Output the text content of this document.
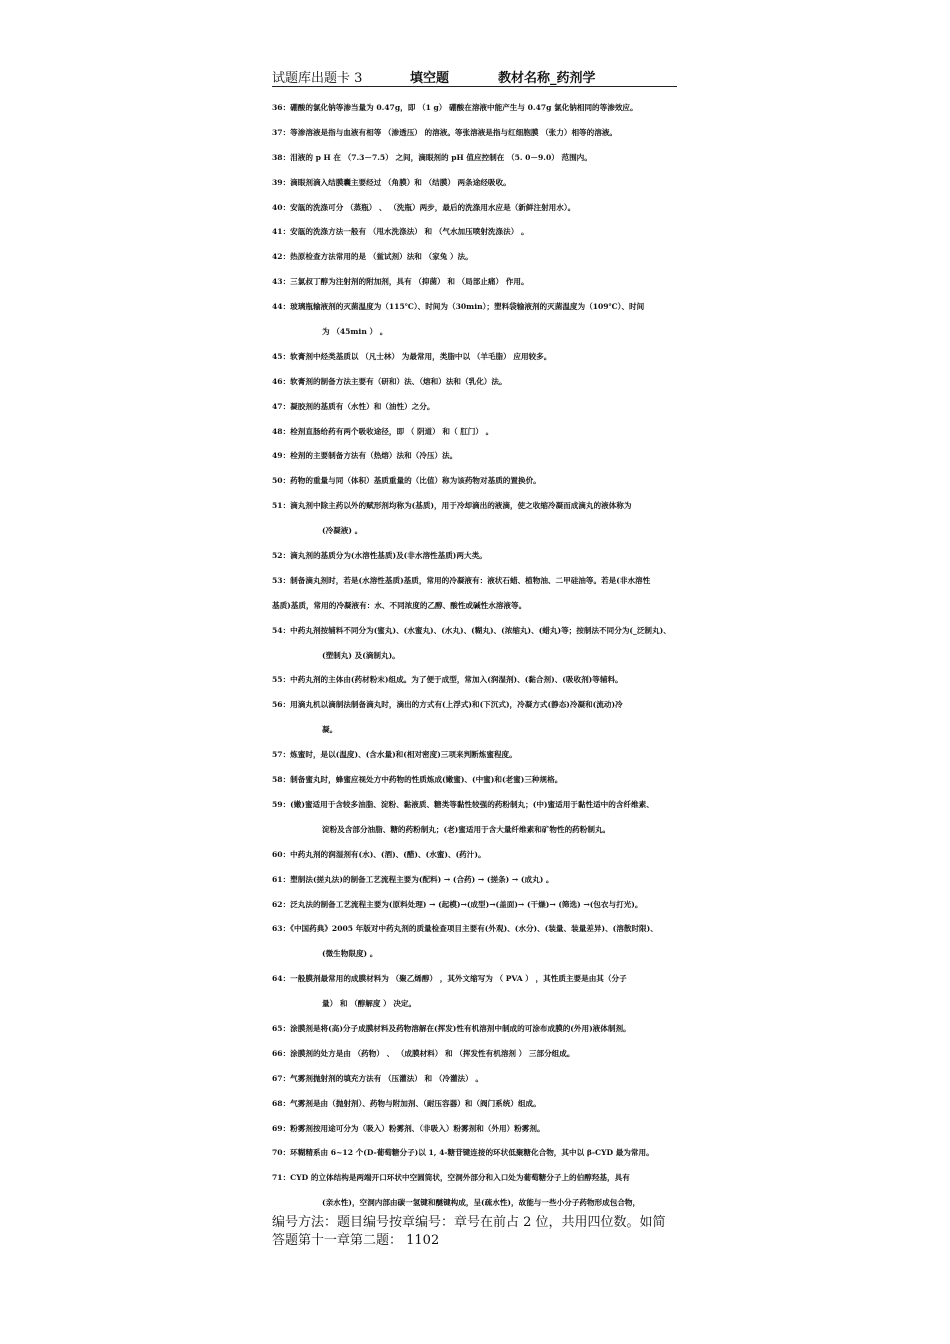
试题库出题卡 3	填空题	教材名称_药剂学
36：硼酸的氯化钠等渗当量为 0.47g，即 （1 g） 硼酸在溶液中能产生与 0.47g 氯化钠相同的等渗效应。
37：等渗溶液是指与血液有相等 （渗透压） 的溶液。等张溶液是指与红细胞膜 （张力）相等的溶液。
38：泪液的 p H 在 （7.3－7.5） 之间，滴眼剂的 pH 值应控制在 （5. 0－9.0） 范围内。
39：滴眼剂滴入结膜囊主要经过 （角膜）和 （结膜） 两条途经吸收。
40：安瓿的洗涤可分 （蒸瓶） 、 （洗瓶）两步，最后的洗涤用水应是（新鲜注射用水）。
41：安瓿的洗涤方法一般有 （甩水洗涤法） 和 （气水加压喷射洗涤法） 。
42：热原检查方法常用的是 （鲎试剂）法和 （家兔 ）法。
43：三氯叔丁醇为注射剂的附加剂，具有 （抑菌） 和 （局部止痛） 作用。
44：玻璃瓶输液剂的灭菌温度为（115℃）、时间为（30min）；塑料袋输液剂的灭菌温度为（109℃）、时间
为 （45min ） 。
45：软膏剂中烃类基质以 （凡士林） 为最常用，类脂中以 （羊毛脂） 应用较多。
46：软膏剂的制备方法主要有（研和）法、（熔和）法和（乳化）法。
47：凝胶剂的基质有（水性）和（油性）之分。
48：栓剂直肠给药有两个吸收途径，即 （ 阴道） 和（ 肛门） 。
49：栓剂的主要制备方法有（热熔）法和（冷压）法。
50：药物的重量与同（体积）基质重量的（比值）称为该药物对基质的置换价。
51：滴丸剂中除主药以外的赋形剂均称为(基质)，用于冷却滴出的液滴，使之收缩冷凝而成滴丸的液体称为
(冷凝液) 。
52：滴丸剂的基质分为(水溶性基质)及(非水溶性基质)两大类。
53：制备滴丸剂时，若是(水溶性基质)基质，常用的冷凝液有：液状石蜡、植物油、二甲硅油等。若是(非水溶性
基质)基质，常用的冷凝液有：水、不同浓度的乙醇、酸性或碱性水溶液等。
54：中药丸剂按辅料不同分为(蜜丸)、(水蜜丸)、(水丸)、(糊丸)、(浓缩丸)、(蜡丸)等；按制法不同分为(_泛制丸)、
(塑制丸) 及(滴制丸)。
55：中药丸剂的主体由(药材粉末)组成。为了便于成型，常加入(润湿剂)、(黏合剂)、(吸收剂)等辅料。
56：用滴丸机以滴制法制备滴丸时，滴出的方式有(上浮式)和(下沉式)，冷凝方式(静态)冷凝和(流动)冷
凝。
57：炼蜜时，是以(温度)、(含水量)和(相对密度)三项来判断炼蜜程度。
58：制备蜜丸时，蜂蜜应视处方中药物的性质炼成(嫩蜜)、(中蜜)和(老蜜)三种规格。
59：(嫩)蜜适用于含较多油脂、淀粉、黏液质、糖类等黏性较强的药粉制丸；(中)蜜适用于黏性适中的含纤维素、
淀粉及含部分油脂、糖的药粉制丸；(老)蜜适用于含大量纤维素和矿物性的药粉制丸。
60：中药丸剂的润湿剂有(水)、(酒)、(醋)、(水蜜)、(药汁)。
61：塑制法(搓丸法)的制备工艺流程主要为(配料) → (合药) → (搓条) → (成丸) 。
62：泛丸法的制备工艺流程主要为(原料处理) → (起模)→(成型)→(盖面)→ (干燥)→ (筛选) →(包衣与打光)。
63：《中国药典》2005 年版对中药丸剂的质量检查项目主要有(外观)、(水分)、(装量、装量差异)、(溶散时限)、
(微生物限度) 。
64：一般膜剂最常用的成膜材料为 （聚乙烯醇） ，其外文缩写为 （ PVA ） ，其性质主要是由其（分子
量） 和 （醇解度 ） 决定。
65：涂膜剂是将(高)分子成膜材料及药物溶解在(挥发)性有机溶剂中制成的可涂布成膜的(外用)液体制剂。
66：涂膜剂的处方是由 （药物） 、 （成膜材料） 和 （挥发性有机溶剂 ） 三部分组成。
67：气雾剂抛射剂的填充方法有 （压灌法） 和 （冷灌法） 。
68：气雾剂是由（抛射剂）、药物与附加剂、（耐压容器）和（阀门系统）组成。
69：粉雾剂按用途可分为（吸入）粉雾剂、（非吸入）粉雾剂和（外用）粉雾剂。
70：环糊精系由 6~12 个(D-葡萄糖分子)以 1, 4-糖苷键连接的环状低聚糖化合物，其中以 β-CYD 最为常用。
71：CYD 的立体结构是两端开口环状中空圆筒状，空洞外部分和入口处为葡萄糖分子上的伯醇羟基，具有
(亲水性)，空洞内部由碳一氢键和醚键构成，呈(疏水性)，故能与一些小分子药物形成包合物，
编号方法：题目编号按章编号：章号在前占 2 位，共用四位数。如简
答题第十一章第二题： 1102
